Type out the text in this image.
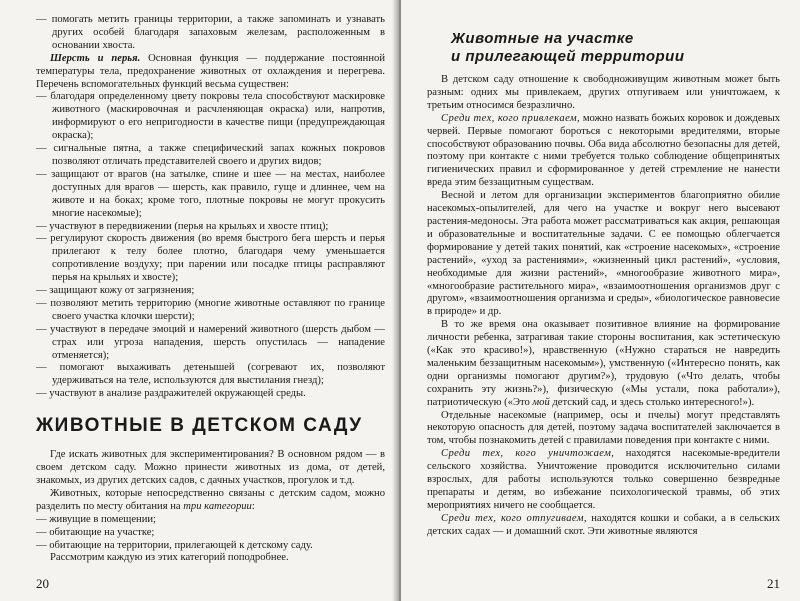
— помогать метить границы территории, а также запоминать и узнавать других особей благодаря запаховым железам, расположенным в основании хвоста.

Шерсть и перья. Основная функция — поддержание постоянной температуры тела, предохранение животных от охлаждения и перегрева. Перечень вспомогательных функций весьма существен:

— благодаря определенному цвету покровы тела способствуют маскировке животного (маскировочная и расчленяющая окраска) или, напротив, информируют о его непригодности в качестве пищи (предупреждающая окраска);

— сигнальные пятна, а также специфический запах кожных покровов позволяют отличать представителей своего и других видов;

— защищают от врагов (на затылке, спине и шее — на местах, наиболее доступных для врагов — шерсть, как правило, гуще и длиннее, чем на животе и на боках; кроме того, плотные покровы не могут прокусить многие насекомые);

— участвуют в передвижении (перья на крыльях и хвосте птиц);

— регулируют скорость движения (во время быстрого бега шерсть и перья прилегают к телу более плотно, благодаря чему уменьшается сопротивление воздуху; при парении или посадке птицы расправляют перья на крыльях и хвосте);

— защищают кожу от загрязнения;

— позволяют метить территорию (многие животные оставляют по границе своего участка клочки шерсти);

— участвуют в передаче эмоций и намерений животного (шерсть дыбом — страх или угроза нападения, шерсть опустилась — нападение отменяется);

— помогают выхаживать детенышей (согревают их, позволяют удерживаться на теле, используются для выстилания гнезд);

— участвуют в анализе раздражителей окружающей среды.

ЖИВОТНЫЕ В ДЕТСКОМ САДУ

Где искать животных для экспериментирования? В основном рядом — в своем детском саду. Можно принести животных из дома, от детей, знакомых, из других детских садов, с дачных участков, прогулок и т.д.

Животных, которые непосредственно связаны с детским садом, можно разделить по месту обитания на три категории:

— живущие в помещении;

— обитающие на участке;

— обитающие на территории, прилегающей к детскому саду.

Рассмотрим каждую из этих категорий поподробнее.

20
Животные на участке
и прилегающей территории

В детском саду отношение к свободноживущим животным может быть разным: одних мы привлекаем, других отпугиваем или уничтожаем, к третьим относимся безразлично.

Среди тех, кого привлекаем, можно назвать божьих коровок и дождевых червей. Первые помогают бороться с некоторыми вредителями, вторые способствуют образованию почвы. Оба вида абсолютно безопасны для детей, поэтому при контакте с ними требуется только соблюдение общепринятых гигиенических правил и сформированное у детей стремление не нанести вреда этим беззащитным существам.

Весной и летом для организации экспериментов благоприятно обилие насекомых-опылителей, для чего на участке и вокруг него высевают растения-медоносы. Эта работа может рассматриваться как акция, решающая и образовательные и воспитательные задачи. С ее помощью облегчается формирование у детей таких понятий, как «строение насекомых», «строение растений», «уход за растениями», «жизненный цикл растений», «условия, необходимые для жизни растений», «многообразие животного мира», «многообразие растительного мира», «взаимоотношения организмов друг с другом», «взаимоотношения организма и среды», «биологическое равновесие в природе» и др.

В то же время она оказывает позитивное влияние на формирование личности ребенка, затрагивая такие стороны воспитания, как эстетическую («Как это красиво!»), нравственную («Нужно стараться не навредить маленьким беззащитным насекомым»), умственную («Интересно понять, как одни организмы помогают другим?»), трудовую («Что делать, чтобы сохранить эту жизнь?»), физическую («Мы устали, пока работали»), патриотическую («Это мой детский сад, и здесь столько интересного!»).

Отдельные насекомые (например, осы и пчелы) могут представлять некоторую опасность для детей, поэтому задача воспитателей заключается в том, чтобы познакомить детей с правилами поведения при контакте с ними.

Среди тех, кого уничтожаем, находятся насекомые-вредители сельского хозяйства. Уничтожение проводится исключительно силами взрослых, для работы используются только совершенно безвредные препараты и детям, во избежание психологической травмы, об этих мероприятиях ничего не сообщается.

Среди тех, кого отпугиваем, находятся кошки и собаки, а в сельских детских садах — и домашний скот. Эти животные являются

21
